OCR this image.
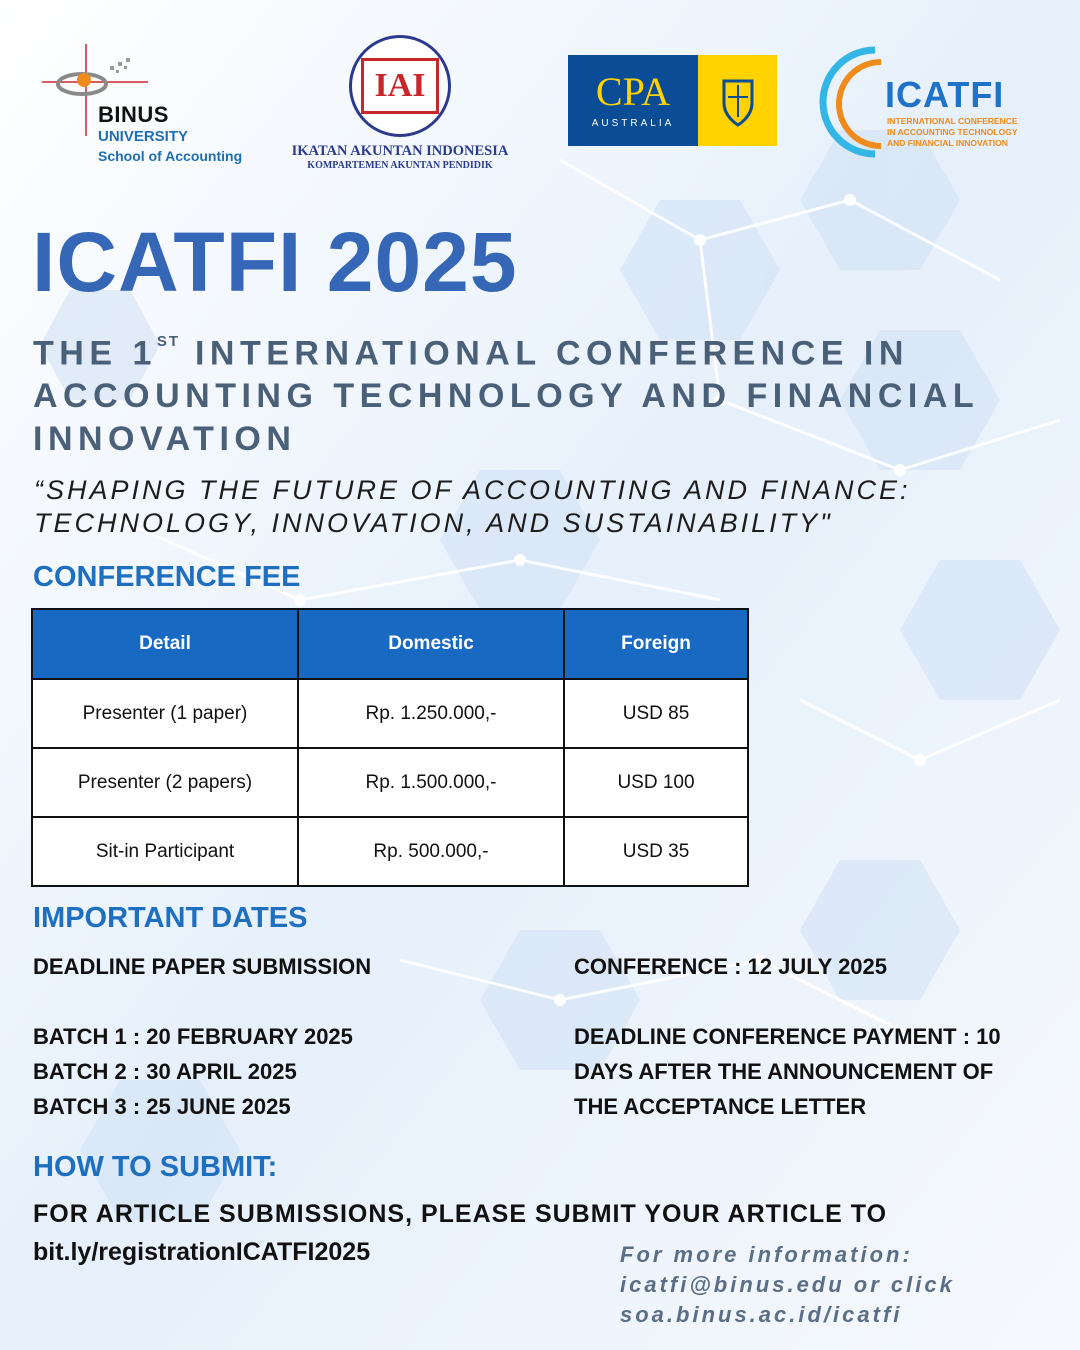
BINUS
UNIVERSITY
School of Accounting
IAI
IKATAN AKUNTAN INDONESIA
KOMPARTEMEN AKUNTAN PENDIDIK
CPA
AUSTRALIA
ICATFI
INTERNATIONAL CONFERENCE
IN ACCOUNTING TECHNOLOGY
AND FINANCIAL INNOVATION
ICATFI 2025
THE 1ST INTERNATIONAL CONFERENCE IN ACCOUNTING TECHNOLOGY AND FINANCIAL INNOVATION
“SHAPING THE FUTURE OF ACCOUNTING AND FINANCE:
TECHNOLOGY, INNOVATION, AND SUSTAINABILITY"
CONFERENCE FEE
Detail	Domestic	Foreign
Presenter (1 paper)	Rp. 1.250.000,-	USD 85
Presenter (2 papers)	Rp. 1.500.000,-	USD 100
Sit-in Participant	Rp. 500.000,-	USD 35
IMPORTANT DATES
DEADLINE PAPER SUBMISSION
BATCH 1 : 20 FEBRUARY 2025
BATCH 2 : 30 APRIL 2025
BATCH 3 : 25 JUNE 2025
CONFERENCE : 12 JULY 2025
DEADLINE CONFERENCE PAYMENT : 10
DAYS AFTER THE ANNOUNCEMENT OF
THE ACCEPTANCE LETTER
HOW TO SUBMIT:
FOR ARTICLE SUBMISSIONS, PLEASE SUBMIT YOUR ARTICLE TO
bit.ly/registrationICATFI2025	For more information:
icatfi@binus.edu or click
soa.binus.ac.id/icatfi
